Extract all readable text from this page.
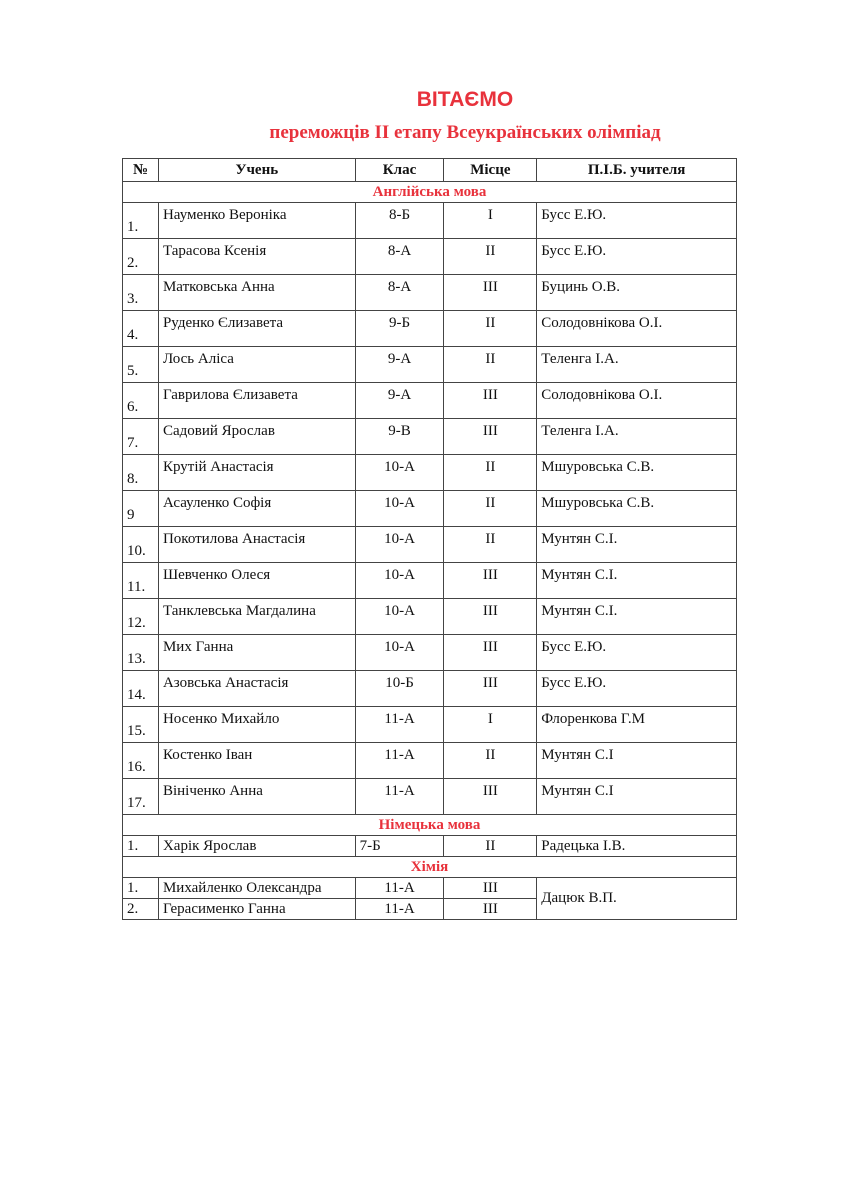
ВІТАЄМО
переможців ІІ етапу Всеукраїнських олімпіад
№	Учень	Клас	Місце	П.І.Б. учителя
Англійська мова				
1.	Науменко Вероніка	8-Б	І	Бусс Е.Ю.
2.	Тарасова Ксенія	8-А	ІІ	Бусс Е.Ю.
3.	Матковська Анна	8-А	ІІІ	Буцинь О.В.
4.	Руденко Єлизавета	9-Б	ІІ	Солодовнікова О.І.
5.	Лось Аліса	9-А	ІІ	Теленга І.А.
6.	Гаврилова Єлизавета	9-А	ІІІ	Солодовнікова О.І.
7.	Садовий Ярослав	9-В	ІІІ	Теленга І.А.
8.	Крутій Анастасія	10-А	ІІ	Мшуровська С.В.
9	Асауленко Софія	10-А	ІІ	Мшуровська С.В.
10.	Покотилова Анастасія	10-А	ІІ	Мунтян С.І.
11.	Шевченко Олеся	10-А	ІІІ	Мунтян С.І.
12.	Танклевська Магдалина	10-А	ІІІ	Мунтян С.І.
13.	Мих Ганна	10-А	ІІІ	Бусс Е.Ю.
14.	Азовська Анастасія	10-Б	ІІІ	Бусс Е.Ю.
15.	Носенко Михайло	11-А	І	Флоренкова Г.М
16.	Костенко Іван	11-А	ІІ	Мунтян С.І
17.	Вініченко Анна	11-А	ІІІ	Мунтян С.І
Німецька мова				
1.	Харік Ярослав	7-Б	ІІ	Радецька І.В.
Хімія				
1.	Михайленко Олександра	11-А	ІІІ	Дацюк В.П.
2.	Герасименко Ганна	11-А	ІІІ	
